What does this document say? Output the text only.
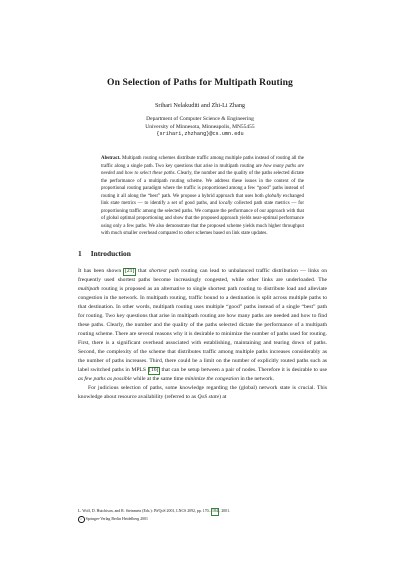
On Selection of Paths for Multipath Routing
Srihari Nelakuditi and Zhi-Li Zhang
Department of Computer Science & Engineering
University of Minnesota, Minneapolis, MN55455
{srihari,zhzhang}@cs.umn.edu
Abstract. Multipath routing schemes distribute traffic among multiple paths instead of routing all the traffic along a single path. Two key questions that arise in multipath routing are how many paths are needed and how to select these paths. Clearly, the number and the quality of the paths selected dictate the performance of a multipath routing scheme. We address these issues in the context of the proportional routing paradigm where the traffic is proportioned among a few “good” paths instead of routing it all along the “best” path. We propose a hybrid approach that uses both globally exchanged link state metrics — to identify a set of good paths, and locally collected path state metrics — for proportioning traffic among the selected paths. We compare the performance of our approach with that of global optimal proportioning and show that the proposed approach yields near-optimal performance using only a few paths. We also demonstrate that the proposed scheme yields much higher throughput with much smaller overhead compared to other schemes based on link state updates.
1 Introduction

It has been shown [21] that shortest path routing can lead to unbalanced traffic distribution — links on frequently used shortest paths become increasingly congested, while other links are underloaded. The multipath routing is proposed as an alternative to single shortest path routing to distribute load and alleviate congestion in the network. In multipath routing, traffic bound to a destination is split across multiple paths to that destination. In other words, multipath routing uses multiple “good” paths instead of a single “best” path for routing. Two key questions that arise in multipath routing are how many paths are needed and how to find these paths. Clearly, the number and the quality of the paths selected dictate the performance of a multipath routing scheme. There are several reasons why it is desirable to minimize the number of paths used for routing. First, there is a significant overhead associated with establishing, maintaining and tearing down of paths. Second, the complexity of the scheme that distributes traffic among multiple paths increases considerably as the number of paths increases. Third, there could be a limit on the number of explicitly routed paths such as label switched paths in MPLS [16] that can be setup between a pair of nodes. Therefore it is desirable to use as few paths as possible while at the same time minimize the congestion in the network.

For judicious selection of paths, some knowledge regarding the (global) network state is crucial. This knowledge about resource availability (referred to as QoS state) at

L. Wolf, D. Hutchison, and R. Steinmetz (Eds.): IWQoS 2001, LNCS 2092, pp. 170– 184 , 2001.
c Springer-Verlag Berlin Heidelberg 2001
